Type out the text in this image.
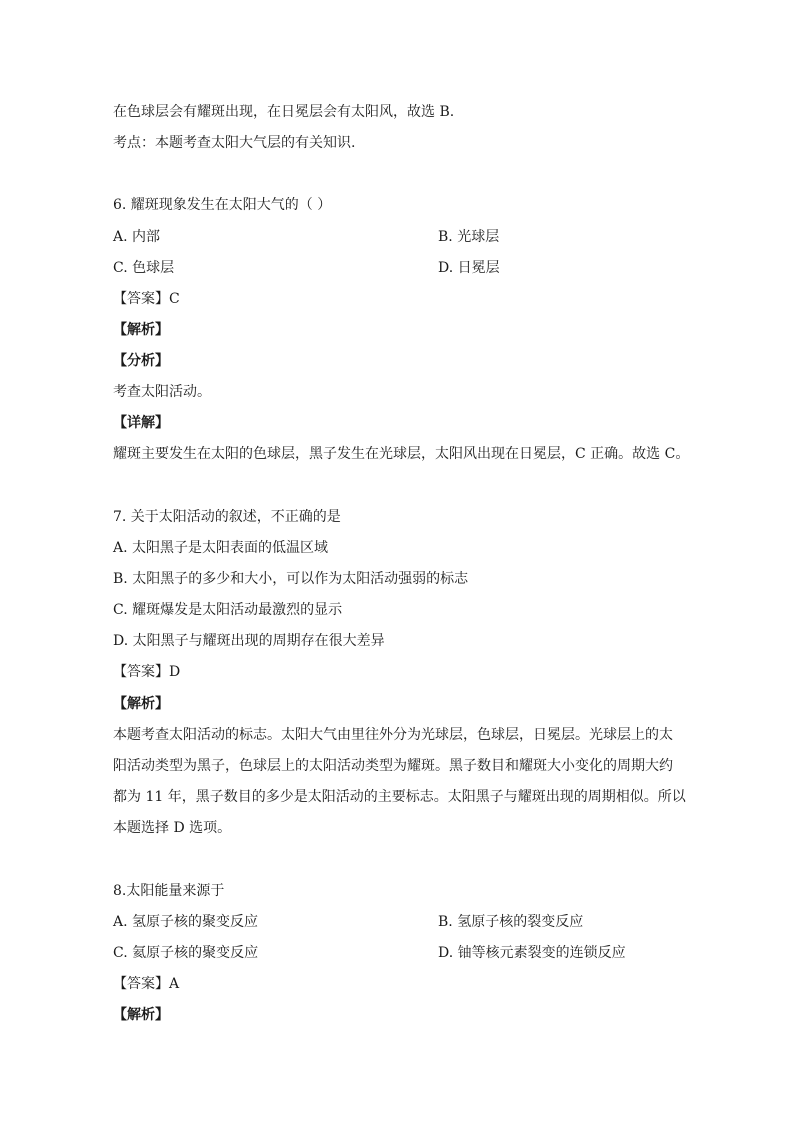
在色球层会有耀斑出现，在日冕层会有太阳风，故选 B.
考点：本题考查太阳大气层的有关知识.
6. 耀斑现象发生在太阳大气的（ ）
A. 内部	B. 光球层
C. 色球层	D. 日冕层
【答案】C
【解析】
【分析】
考查太阳活动。
【详解】
耀斑主要发生在太阳的色球层，黑子发生在光球层，太阳风出现在日冕层，C 正确。故选 C。
7. 关于太阳活动的叙述，不正确的是
A. 太阳黑子是太阳表面的低温区域
B. 太阳黑子的多少和大小，可以作为太阳活动强弱的标志
C. 耀斑爆发是太阳活动最激烈的显示
D. 太阳黑子与耀斑出现的周期存在很大差异
【答案】D
【解析】
本题考查太阳活动的标志。太阳大气由里往外分为光球层，色球层，日冕层。光球层上的太
阳活动类型为黑子，色球层上的太阳活动类型为耀斑。黑子数目和耀斑大小变化的周期大约
都为 11 年，黑子数目的多少是太阳活动的主要标志。太阳黑子与耀斑出现的周期相似。所以
本题选择 D 选项。
8.太阳能量来源于
A. 氢原子核的聚变反应	B. 氢原子核的裂变反应
C. 氦原子核的聚变反应	D. 铀等核元素裂变的连锁反应
【答案】A
【解析】
